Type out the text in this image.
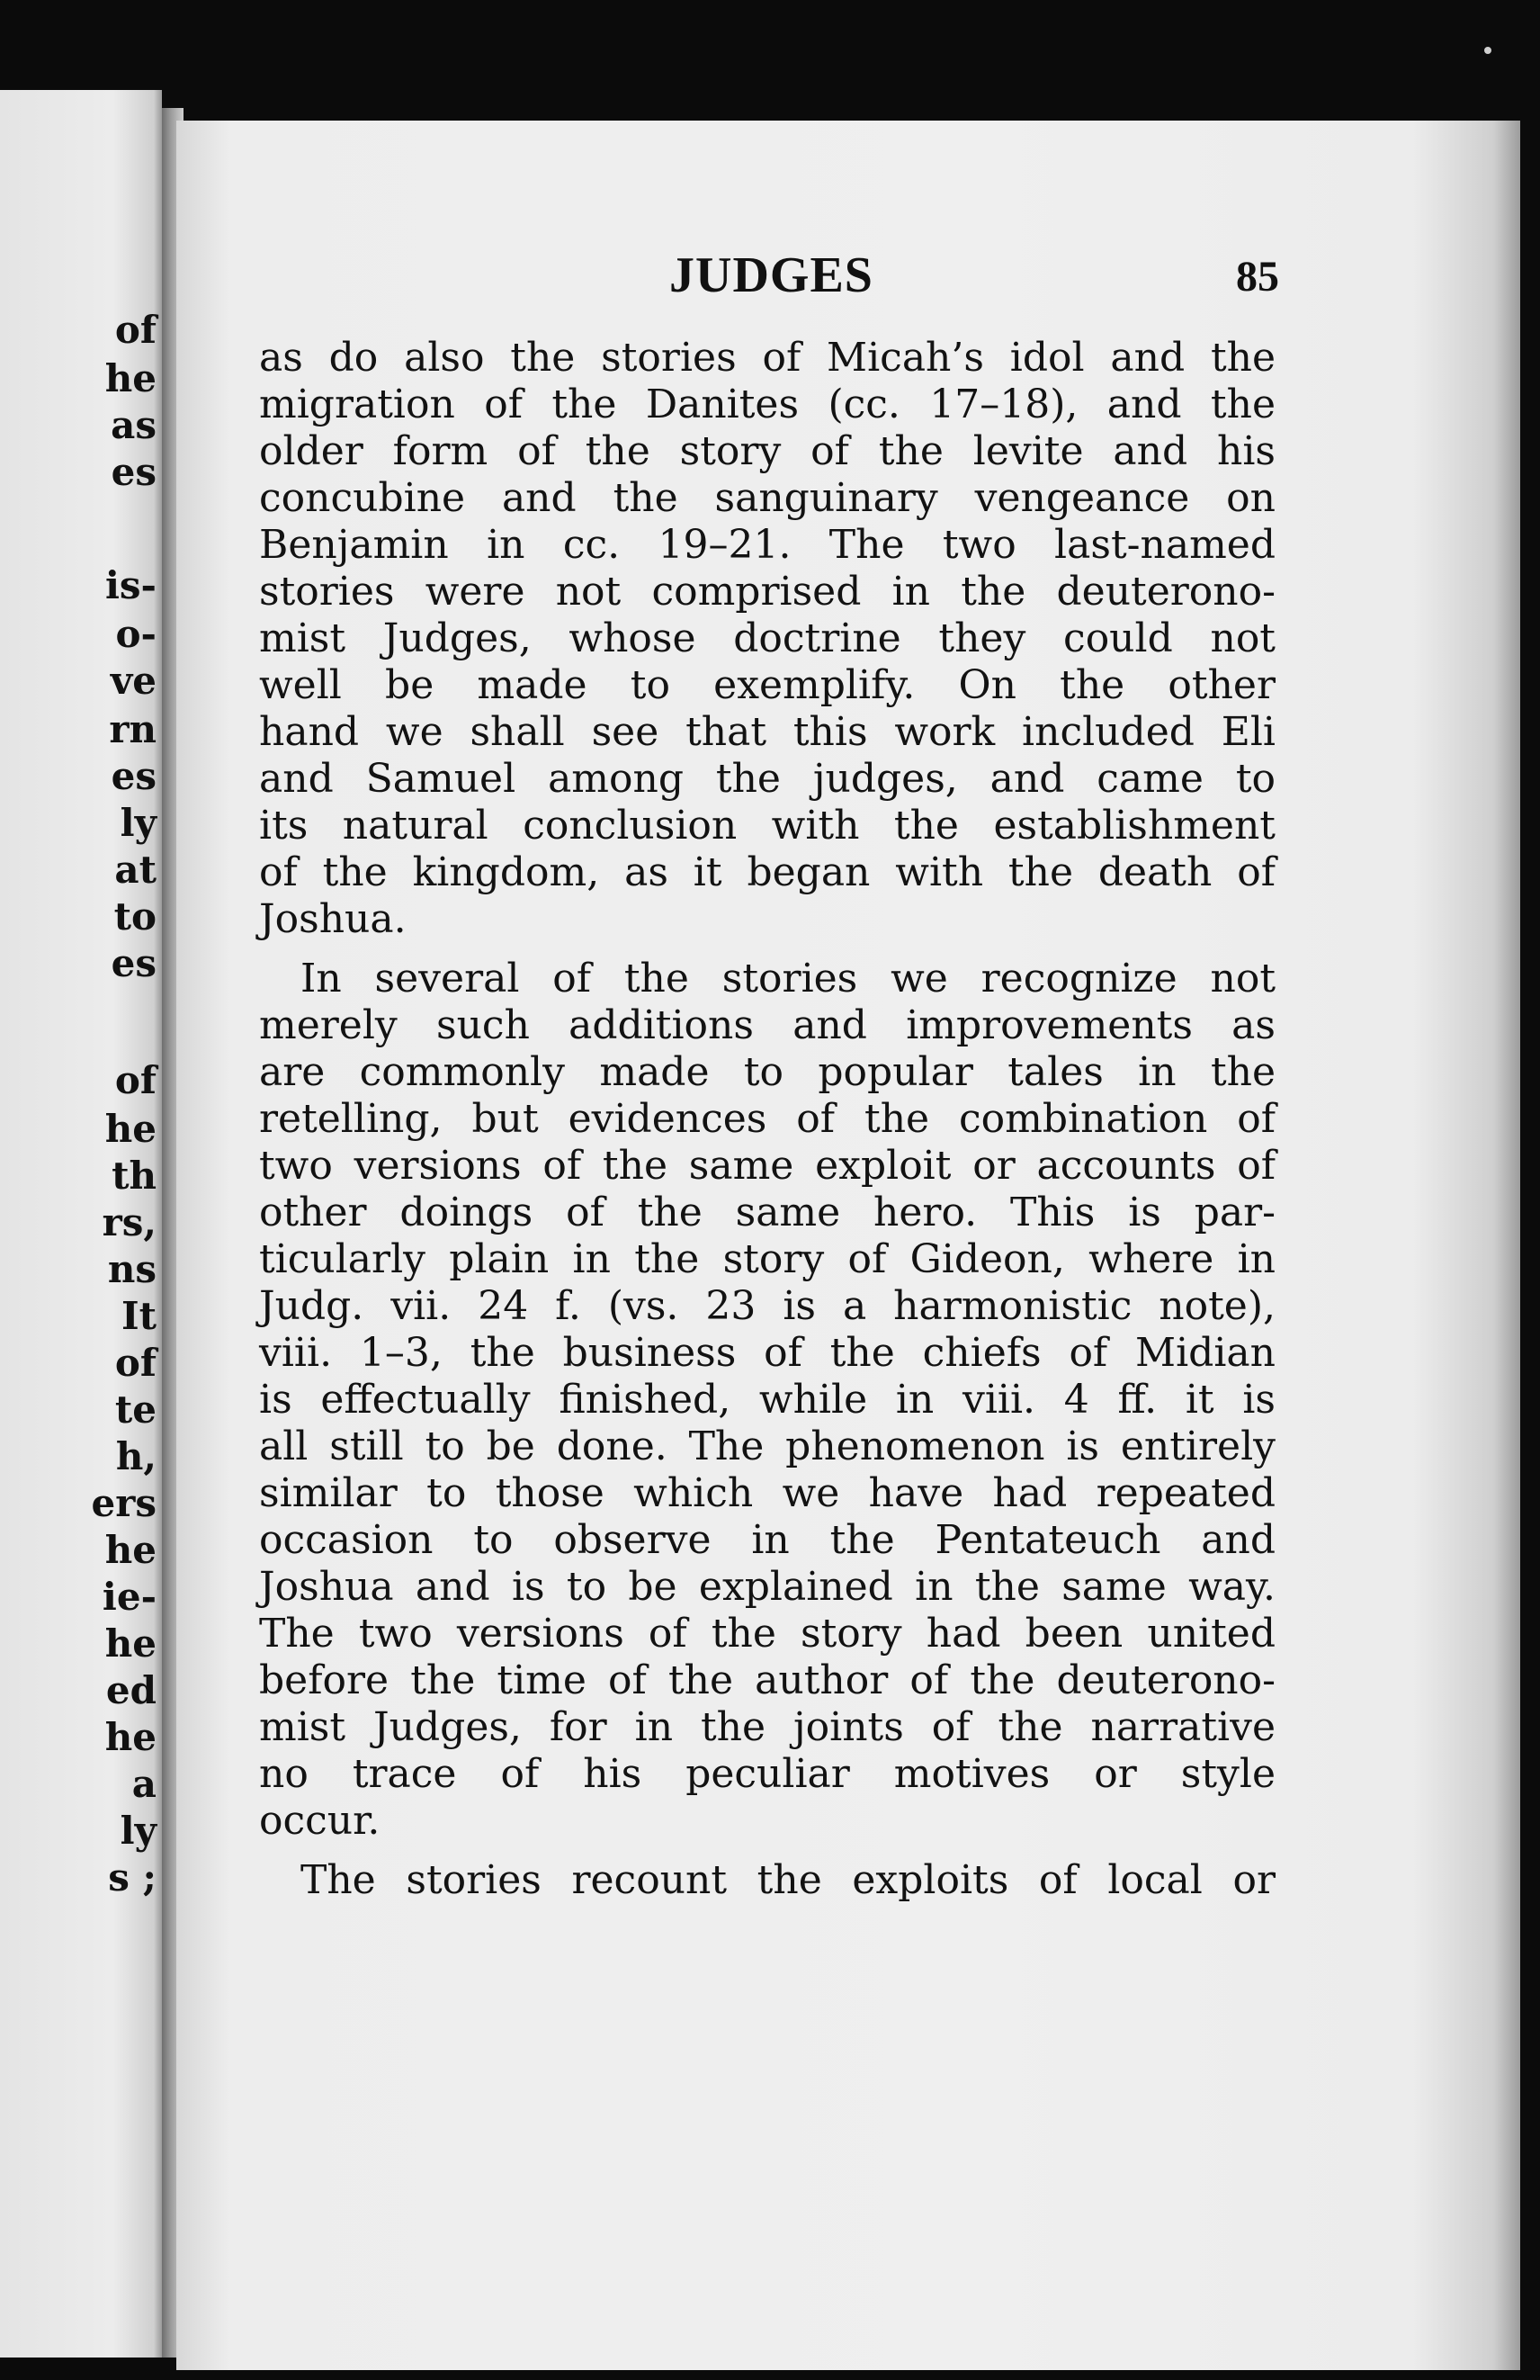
of

he

as

es

is-

o-

ve

rn

es

ly

at

to

es

of

he

th

rs,

ns

It

of

te

h,

ers

he

ie-

he

ed

he

a

ly

s ;

JUDGES	85

as do also the stories of Micah’s idol and the

migration of the Danites (cc. 17–18), and the

older form of the story of the levite and his

concubine and the sanguinary vengeance on

Benjamin in cc. 19–21. The two last-named

stories were not comprised in the deuterono-

mist Judges, whose doctrine they could not

well be made to exemplify. On the other

hand we shall see that this work included Eli

and Samuel among the judges, and came to

its natural conclusion with the establishment

of the kingdom, as it began with the death of

Joshua.

In several of the stories we recognize not

merely such additions and improvements as

are commonly made to popular tales in the

retelling, but evidences of the combination of

two versions of the same exploit or accounts of

other doings of the same hero. This is par-

ticularly plain in the story of Gideon, where in

Judg. vii. 24 f. (vs. 23 is a harmonistic note),

viii. 1–3, the business of the chiefs of Midian

is effectually finished, while in viii. 4 ff. it is

all still to be done. The phenomenon is entirely

similar to those which we have had repeated

occasion to observe in the Pentateuch and

Joshua and is to be explained in the same way.

The two versions of the story had been united

before the time of the author of the deuterono-

mist Judges, for in the joints of the narrative

no trace of his peculiar motives or style

occur.

The stories recount the exploits of local or
